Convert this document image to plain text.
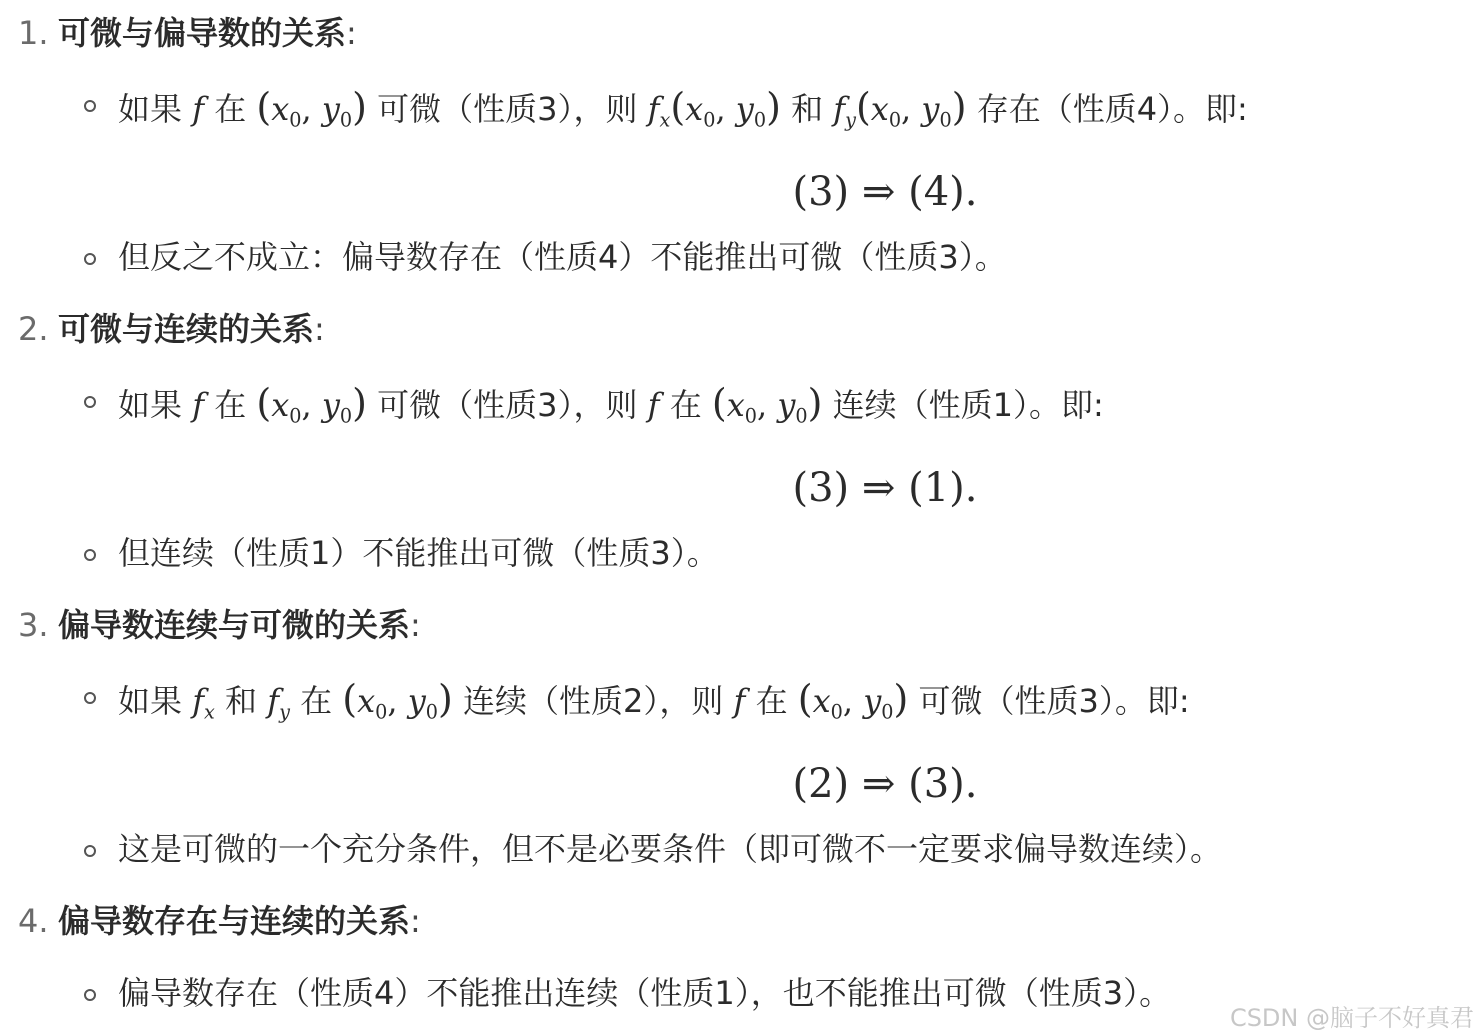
1. 可微与偏导数的关系:
如果 f 在 ($x_0$, $y_0$) 可微（性质3），则 $f_x(x_0$, $y_0$) 和 $f_y(x_0$, $y_0$) 存在（性质4）。即:
(3) ⇒ (4).
但反之不成立：偏导数存在（性质4）不能推出可微（性质3）。
2. 可微与连续的关系:
如果 f 在 ($x_0$, $y_0$) 可微（性质3），则 f 在 ($x_0$, $y_0$) 连续（性质1）。即:
(3) ⇒ (1).
但连续（性质1）不能推出可微（性质3）。
3. 偏导数连续与可微的关系:
如果 $f_x$ 和 $f_y$ 在 ($x_0$, $y_0$) 连续（性质2），则 f 在 ($x_0$, $y_0$) 可微（性质3）。即:
(2) ⇒ (3).
这是可微的一个充分条件，但不是必要条件（即可微不一定要求偏导数连续）。
4. 偏导数存在与连续的关系:
偏导数存在（性质4）不能推出连续（性质1），也不能推出可微（性质3）。
CSDN @脑子不好真君
